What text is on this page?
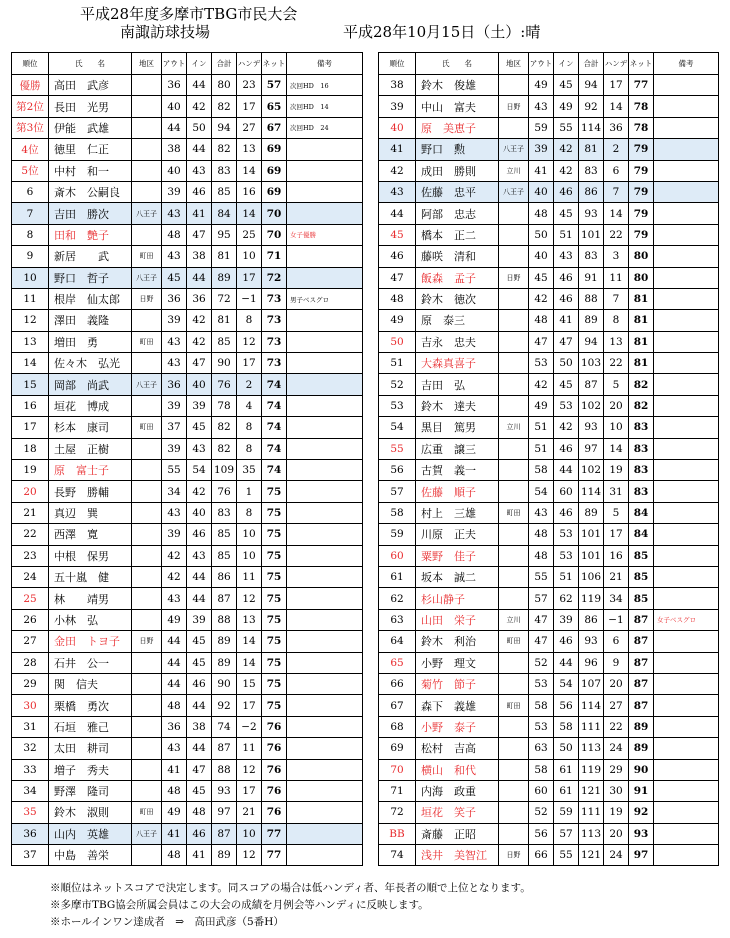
平成28年度多摩市TBG市民大会
南諏訪球技場	平成28年10月15日（土）:晴
順位	氏　　名	地区	アウト	イン	合計	ハンデ	ネット	備考
優勝	高田　武彦		36	44	80	23	57	次回HD　16
第2位	長田　光男		40	42	82	17	65	次回HD　14
第3位	伊能　武雄		44	50	94	27	67	次回HD　24
4位	徳里　仁正		38	44	82	13	69	
5位	中村　和一		40	43	83	14	69	
6	斎木　公嗣良		39	46	85	16	69	
7	吉田　勝次	八王子	43	41	84	14	70	
8	田和　艶子		48	47	95	25	70	女子優勝
9	新居　　武	町田	43	38	81	10	71	
10	野口　哲子	八王子	45	44	89	17	72	
11	根岸　仙太郎	日野	36	36	72	−1	73	男子ベスグロ
12	澤田　義隆		39	42	81	8	73	
13	増田　勇	町田	43	42	85	12	73	
14	佐々木　弘光		43	47	90	17	73	
15	岡部　尚武	八王子	36	40	76	2	74	
16	垣花　博成		39	39	78	4	74	
17	杉本　康司	町田	37	45	82	8	74	
18	土屋　正樹		39	43	82	8	74	
19	原　富士子		55	54	109	35	74	
20	長野　勝輔		34	42	76	1	75	
21	真辺　巽		43	40	83	8	75	
22	西澤　寛		39	46	85	10	75	
23	中根　保男		42	43	85	10	75	
24	五十嵐　健		42	44	86	11	75	
25	林　　靖男		43	44	87	12	75	
26	小林　弘		49	39	88	13	75	
27	金田　トヨ子	日野	44	45	89	14	75	
28	石井　公一		44	45	89	14	75	
29	関　信夫		44	46	90	15	75	
30	栗橋　勇次		48	44	92	17	75	
31	石垣　雅己		36	38	74	−2	76	
32	太田　耕司		43	44	87	11	76	
33	増子　秀夫		41	47	88	12	76	
34	野澤　隆司		48	45	93	17	76	
35	鈴木　淑則	町田	49	48	97	21	76	
36	山内　英雄	八王子	41	46	87	10	77	
37	中島　善栄		48	41	89	12	77	
順位	氏　　名	地区	アウト	イン	合計	ハンデ	ネット	備考
38	鈴木　俊雄		49	45	94	17	77	
39	中山　富夫	日野	43	49	92	14	78	
40	原　美恵子		59	55	114	36	78	
41	野口　勲	八王子	39	42	81	2	79	
42	成田　勝則	立川	41	42	83	6	79	
43	佐藤　忠平	八王子	40	46	86	7	79	
44	阿部　忠志		48	45	93	14	79	
45	橋本　正二		50	51	101	22	79	
46	藤咲　清和		40	43	83	3	80	
47	飯森　孟子	日野	45	46	91	11	80	
48	鈴木　徳次		42	46	88	7	81	
49	原　泰三		48	41	89	8	81	
50	吉永　忠夫		47	47	94	13	81	
51	大森真喜子		53	50	103	22	81	
52	吉田　弘		42	45	87	5	82	
53	鈴木　達夫		49	53	102	20	82	
54	黒目　篤男	立川	51	42	93	10	83	
55	広重　譲三		51	46	97	14	83	
56	古賀　義一		58	44	102	19	83	
57	佐藤　順子		54	60	114	31	83	
58	村上　三雄	町田	43	46	89	5	84	
59	川原　正夫		48	53	101	17	84	
60	粟野　佳子		48	53	101	16	85	
61	坂本　誠二		55	51	106	21	85	
62	杉山静子		57	62	119	34	85	
63	山田　栄子	立川	47	39	86	−1	87	女子ベスグロ
64	鈴木　利治	町田	47	46	93	6	87	
65	小野　理文		52	44	96	9	87	
66	菊竹　節子		53	54	107	20	87	
67	森下　義雄	町田	58	56	114	27	87	
68	小野　泰子		53	58	111	22	89	
69	松村　吉高		63	50	113	24	89	
70	横山　和代		58	61	119	29	90	
71	内海　政重		60	61	121	30	91	
72	垣花　笑子		52	59	111	19	92	
BB	斎藤　正昭		56	57	113	20	93	
74	浅井　美智江	日野	66	55	121	24	97	
※順位はネットスコアで決定します。同スコアの場合は低ハンディ者、年長者の順で上位となります。
※多摩市TBG協会所属会員はこの大会の成績を月例会等ハンディに反映します。
※ホールインワン達成者　⇒　高田武彦（5番H）
